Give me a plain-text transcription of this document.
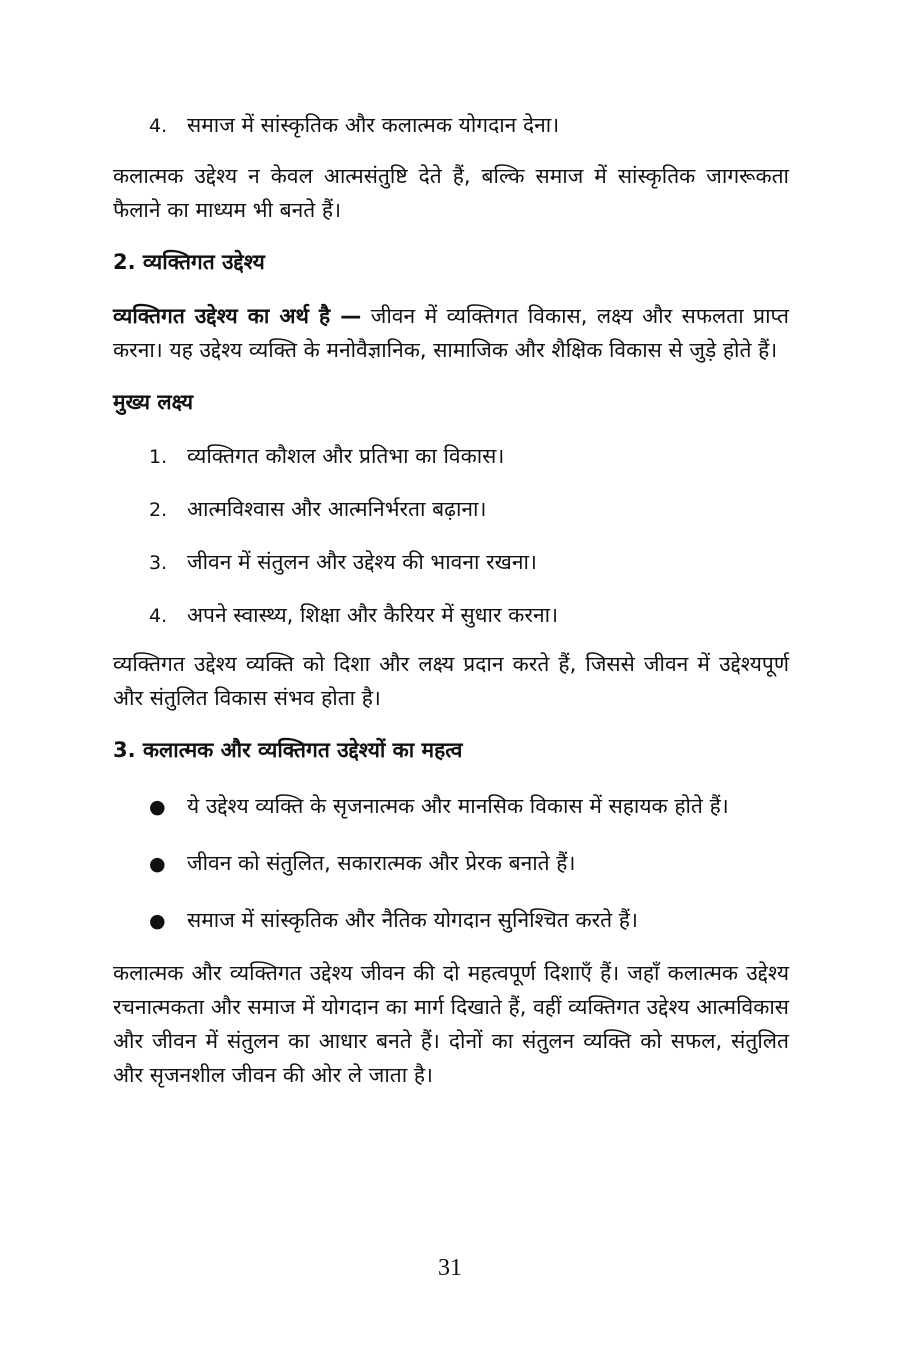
4. समाज में सांस्कृतिक और कलात्मक योगदान देना।

कलात्मक उद्देश्य न केवल आत्मसंतुष्टि देते हैं, बल्कि समाज में सांस्कृतिक जागरूकता फैलाने का माध्यम भी बनते हैं।

2. व्यक्तिगत उद्देश्य

व्यक्तिगत उद्देश्य का अर्थ है — जीवन में व्यक्तिगत विकास, लक्ष्य और सफलता प्राप्त करना। यह उद्देश्य व्यक्ति के मनोवैज्ञानिक, सामाजिक और शैक्षिक विकास से जुड़े होते हैं।

मुख्य लक्ष्य

1. व्यक्तिगत कौशल और प्रतिभा का विकास।
2. आत्मविश्वास और आत्मनिर्भरता बढ़ाना।
3. जीवन में संतुलन और उद्देश्य की भावना रखना।
4. अपने स्वास्थ्य, शिक्षा और कैरियर में सुधार करना।

व्यक्तिगत उद्देश्य व्यक्ति को दिशा और लक्ष्य प्रदान करते हैं, जिससे जीवन में उद्देश्यपूर्ण और संतुलित विकास संभव होता है।

3. कलात्मक और व्यक्तिगत उद्देश्यों का महत्व

●	ये उद्देश्य व्यक्ति के सृजनात्मक और मानसिक विकास में सहायक होते हैं।
●	जीवन को संतुलित, सकारात्मक और प्रेरक बनाते हैं।
●	समाज में सांस्कृतिक और नैतिक योगदान सुनिश्चित करते हैं।

कलात्मक और व्यक्तिगत उद्देश्य जीवन की दो महत्वपूर्ण दिशाएँ हैं। जहाँ कलात्मक उद्देश्य रचनात्मकता और समाज में योगदान का मार्ग दिखाते हैं, वहीं व्यक्तिगत उद्देश्य आत्मविकास और जीवन में संतुलन का आधार बनते हैं। दोनों का संतुलन व्यक्ति को सफल, संतुलित और सृजनशील जीवन की ओर ले जाता है।

31
